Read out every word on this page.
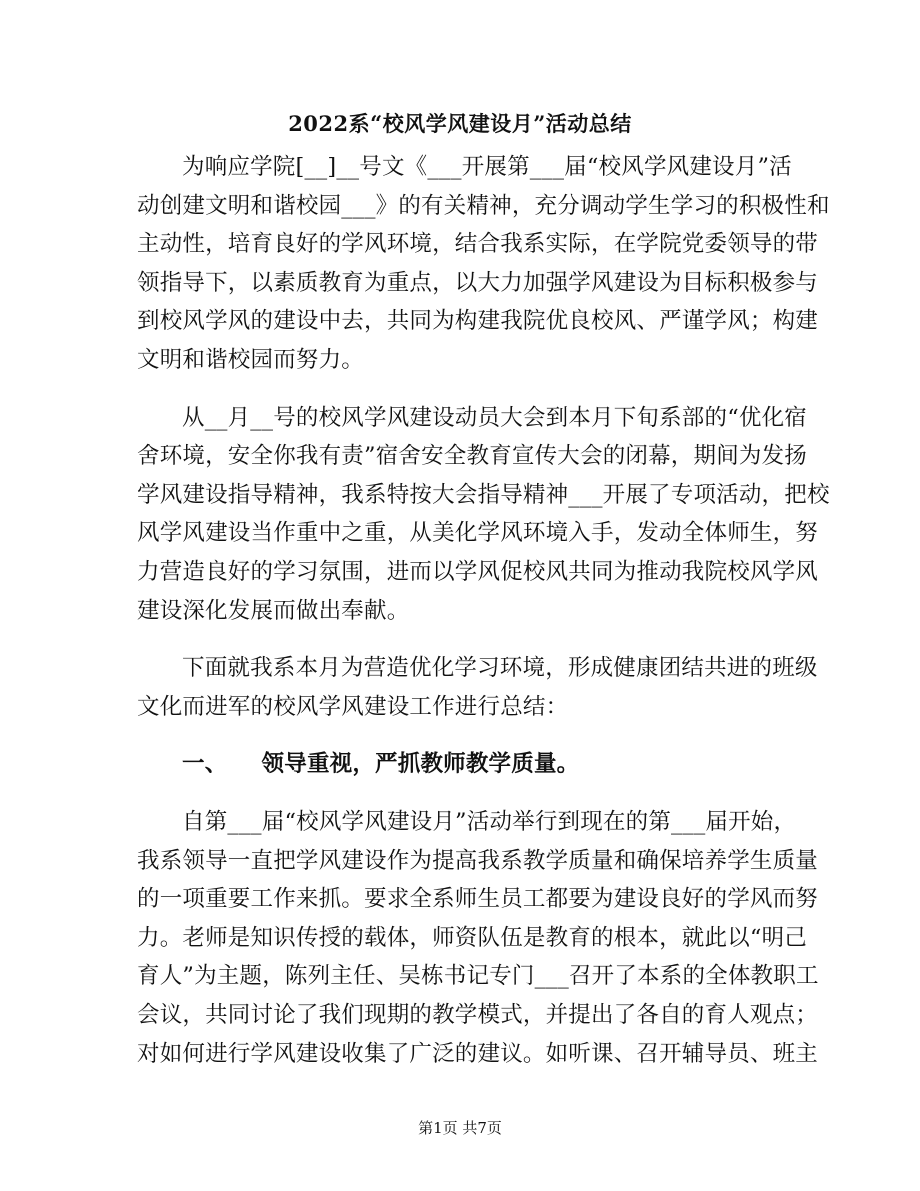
2022系“校风学风建设月”活动总结
为响应学院[__]__号文《___开展第___届“校风学风建设月”活
动创建文明和谐校园___》的有关精神，充分调动学生学习的积极性和
主动性，培育良好的学风环境，结合我系实际，在学院党委领导的带
领指导下，以素质教育为重点，以大力加强学风建设为目标积极参与
到校风学风的建设中去，共同为构建我院优良校风、严谨学风；构建
文明和谐校园而努力。
从__月__号的校风学风建设动员大会到本月下旬系部的“优化宿
舍环境，安全你我有责”宿舍安全教育宣传大会的闭幕，期间为发扬
学风建设指导精神，我系特按大会指导精神___开展了专项活动，把校
风学风建设当作重中之重，从美化学风环境入手，发动全体师生，努
力营造良好的学习氛围，进而以学风促校风共同为推动我院校风学风
建设深化发展而做出奉献。
下面就我系本月为营造优化学习环境，形成健康团结共进的班级
文化而进军的校风学风建设工作进行总结：
一、　　领导重视，严抓教师教学质量。
自第___届“校风学风建设月”活动举行到现在的第___届开始，
我系领导一直把学风建设作为提高我系教学质量和确保培养学生质量
的一项重要工作来抓。要求全系师生员工都要为建设良好的学风而努
力。老师是知识传授的载体，师资队伍是教育的根本，就此以“明己
育人”为主题，陈列主任、吴栋书记专门___召开了本系的全体教职工
会议，共同讨论了我们现期的教学模式，并提出了各自的育人观点；
对如何进行学风建设收集了广泛的建议。如听课、召开辅导员、班主
第1页 共7页
